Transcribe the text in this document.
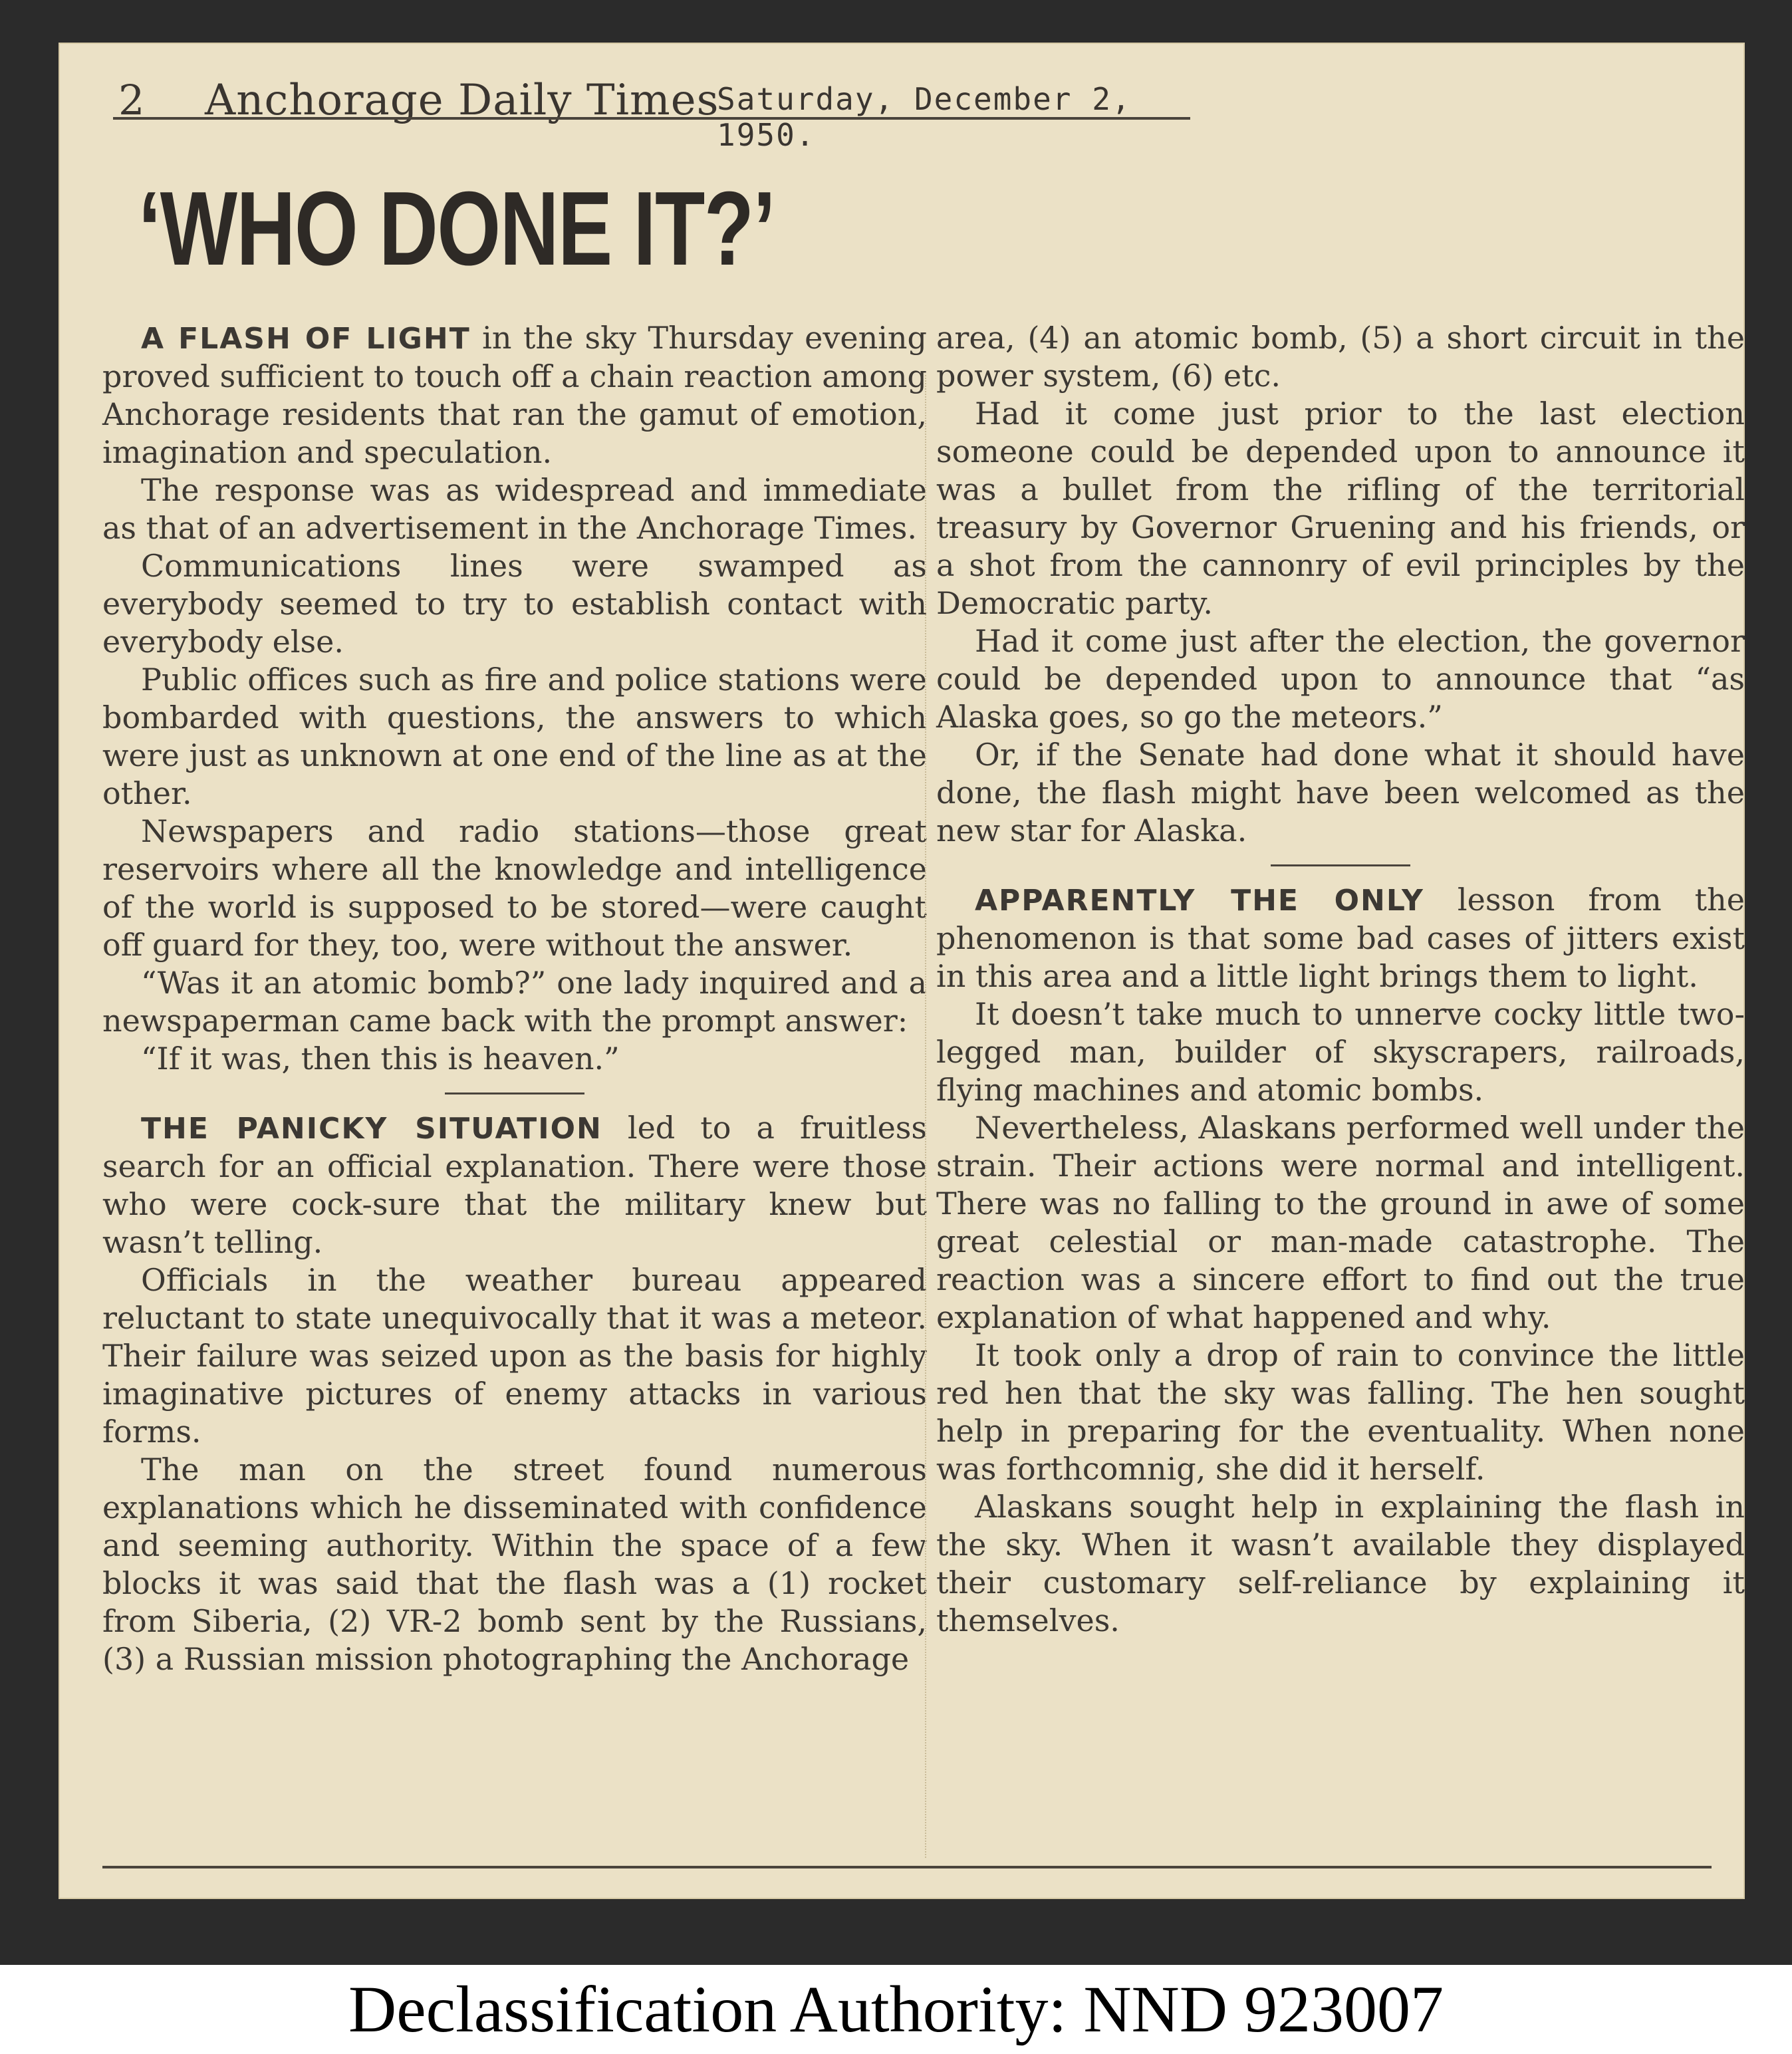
2 Anchorage Daily Times
Saturday, December 2, 1950.
‘WHO DONE IT?’

A FLASH OF LIGHT in the sky Thursday evening proved sufficient to touch off a chain reaction among Anchorage residents that ran the gamut of emotion, imagination and speculation.

The response was as widespread and immediate as that of an advertisement in the Anchorage Times.

Communications lines were swamped as everybody seemed to try to establish contact with everybody else.

Public offices such as fire and police stations were bombarded with questions, the answers to which were just as unknown at one end of the line as at the other.

Newspapers and radio stations—those great reservoirs where all the knowledge and intelligence of the world is supposed to be stored—were caught off guard for they, too, were without the answer.

“Was it an atomic bomb?” one lady inquired and a newspaperman came back with the prompt answer:

“If it was, then this is heaven.”

THE PANICKY SITUATION led to a fruitless search for an official explanation. There were those who were cock-sure that the military knew but wasn’t telling.

Officials in the weather bureau appeared reluctant to state unequivocally that it was a meteor. Their failure was seized upon as the basis for highly imaginative pictures of enemy attacks in various forms.

The man on the street found numerous explanations which he disseminated with confidence and seeming authority. Within the space of a few blocks it was said that the flash was a (1) rocket from Siberia, (2) VR-2 bomb sent by the Russians, (3) a Russian mission photographing the Anchorage

area, (4) an atomic bomb, (5) a short circuit in the power system, (6) etc.

Had it come just prior to the last election someone could be depended upon to announce it was a bullet from the rifling of the territorial treasury by Governor Gruening and his friends, or a shot from the cannonry of evil principles by the Democratic party.

Had it come just after the election, the governor could be depended upon to announce that “as Alaska goes, so go the meteors.”

Or, if the Senate had done what it should have done, the flash might have been welcomed as the new star for Alaska.

APPARENTLY THE ONLY lesson from the phenomenon is that some bad cases of jitters exist in this area and a little light brings them to light.

It doesn’t take much to unnerve cocky little two-legged man, builder of skyscrapers, railroads, flying machines and atomic bombs.

Nevertheless, Alaskans performed well under the strain. Their actions were normal and intelligent. There was no falling to the ground in awe of some great celestial or man-made catastrophe. The reaction was a sincere effort to find out the true explanation of what happened and why.

It took only a drop of rain to convince the little red hen that the sky was falling. The hen sought help in preparing for the eventuality. When none was forthcomnig, she did it herself.

Alaskans sought help in explaining the flash in the sky. When it wasn’t available they displayed their customary self-reliance by explaining it themselves.

Declassification Authority: NND 923007
